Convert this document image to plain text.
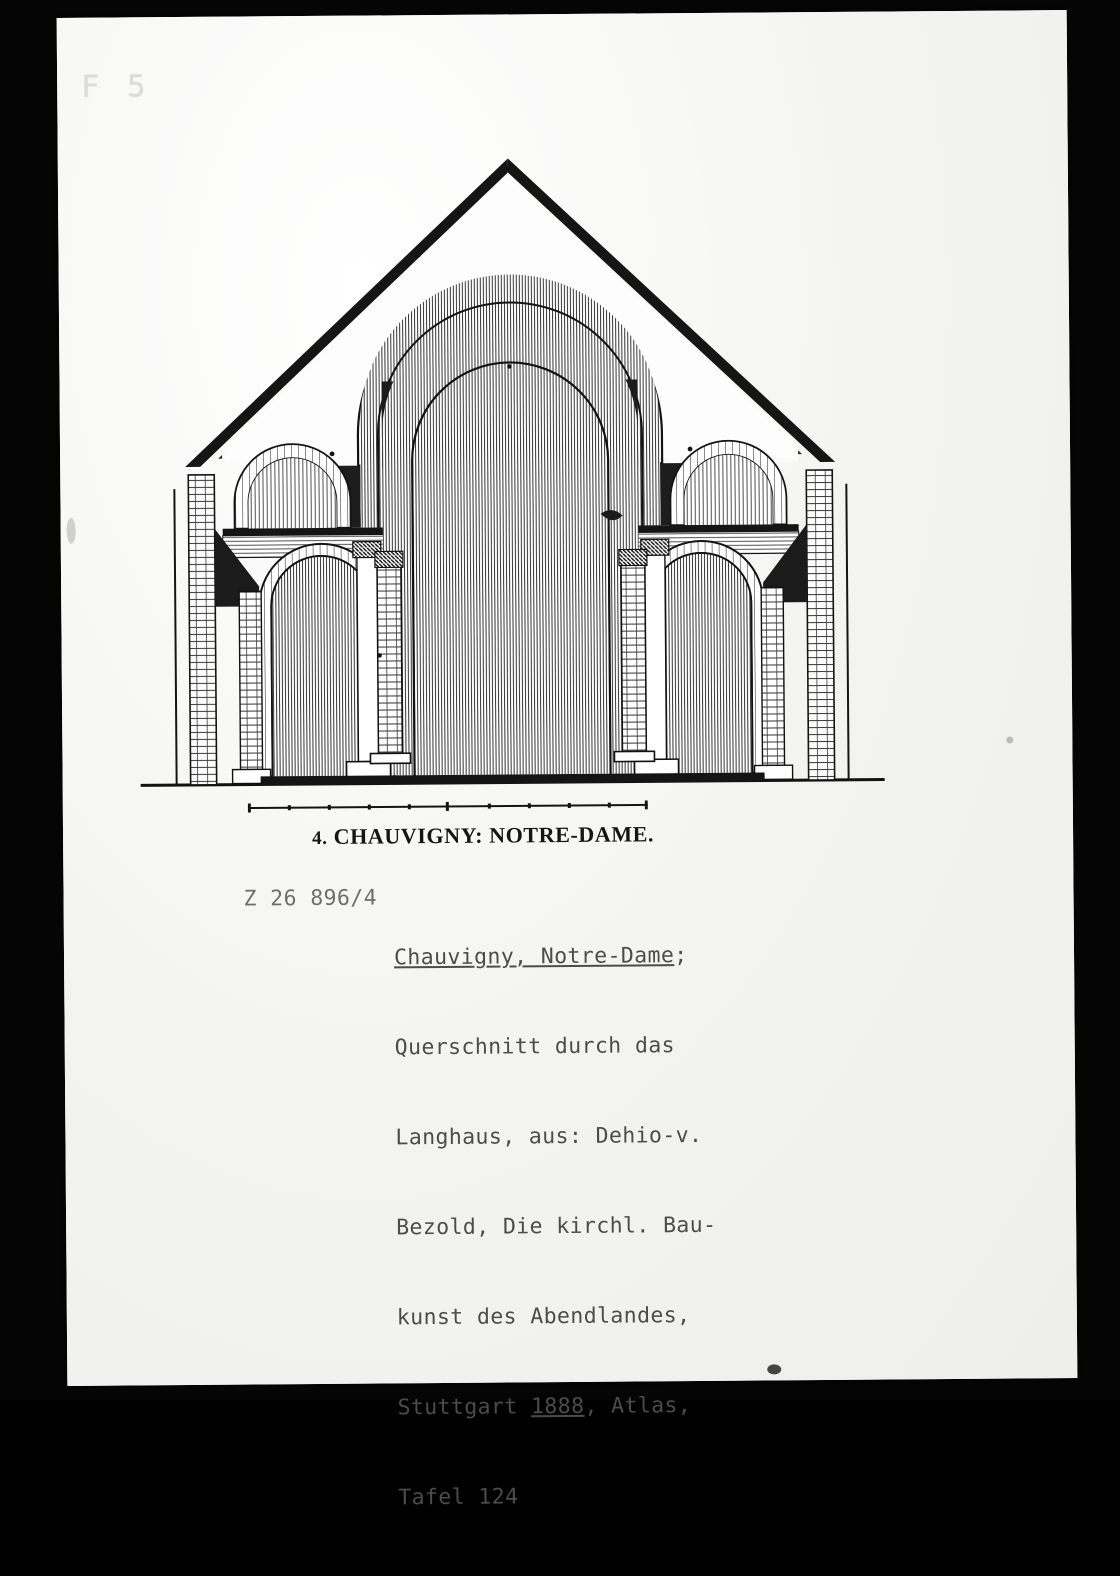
F 5
4. CHAUVIGNY: NOTRE-DAME.
Z 26 896/4

Chauvigny, Notre-Dame;

Querschnitt durch das

Langhaus, aus: Dehio-v.

Bezold, Die kirchl. Bau-

kunst des Abendlandes,

Stuttgart 1888, Atlas,

Tafel 124
